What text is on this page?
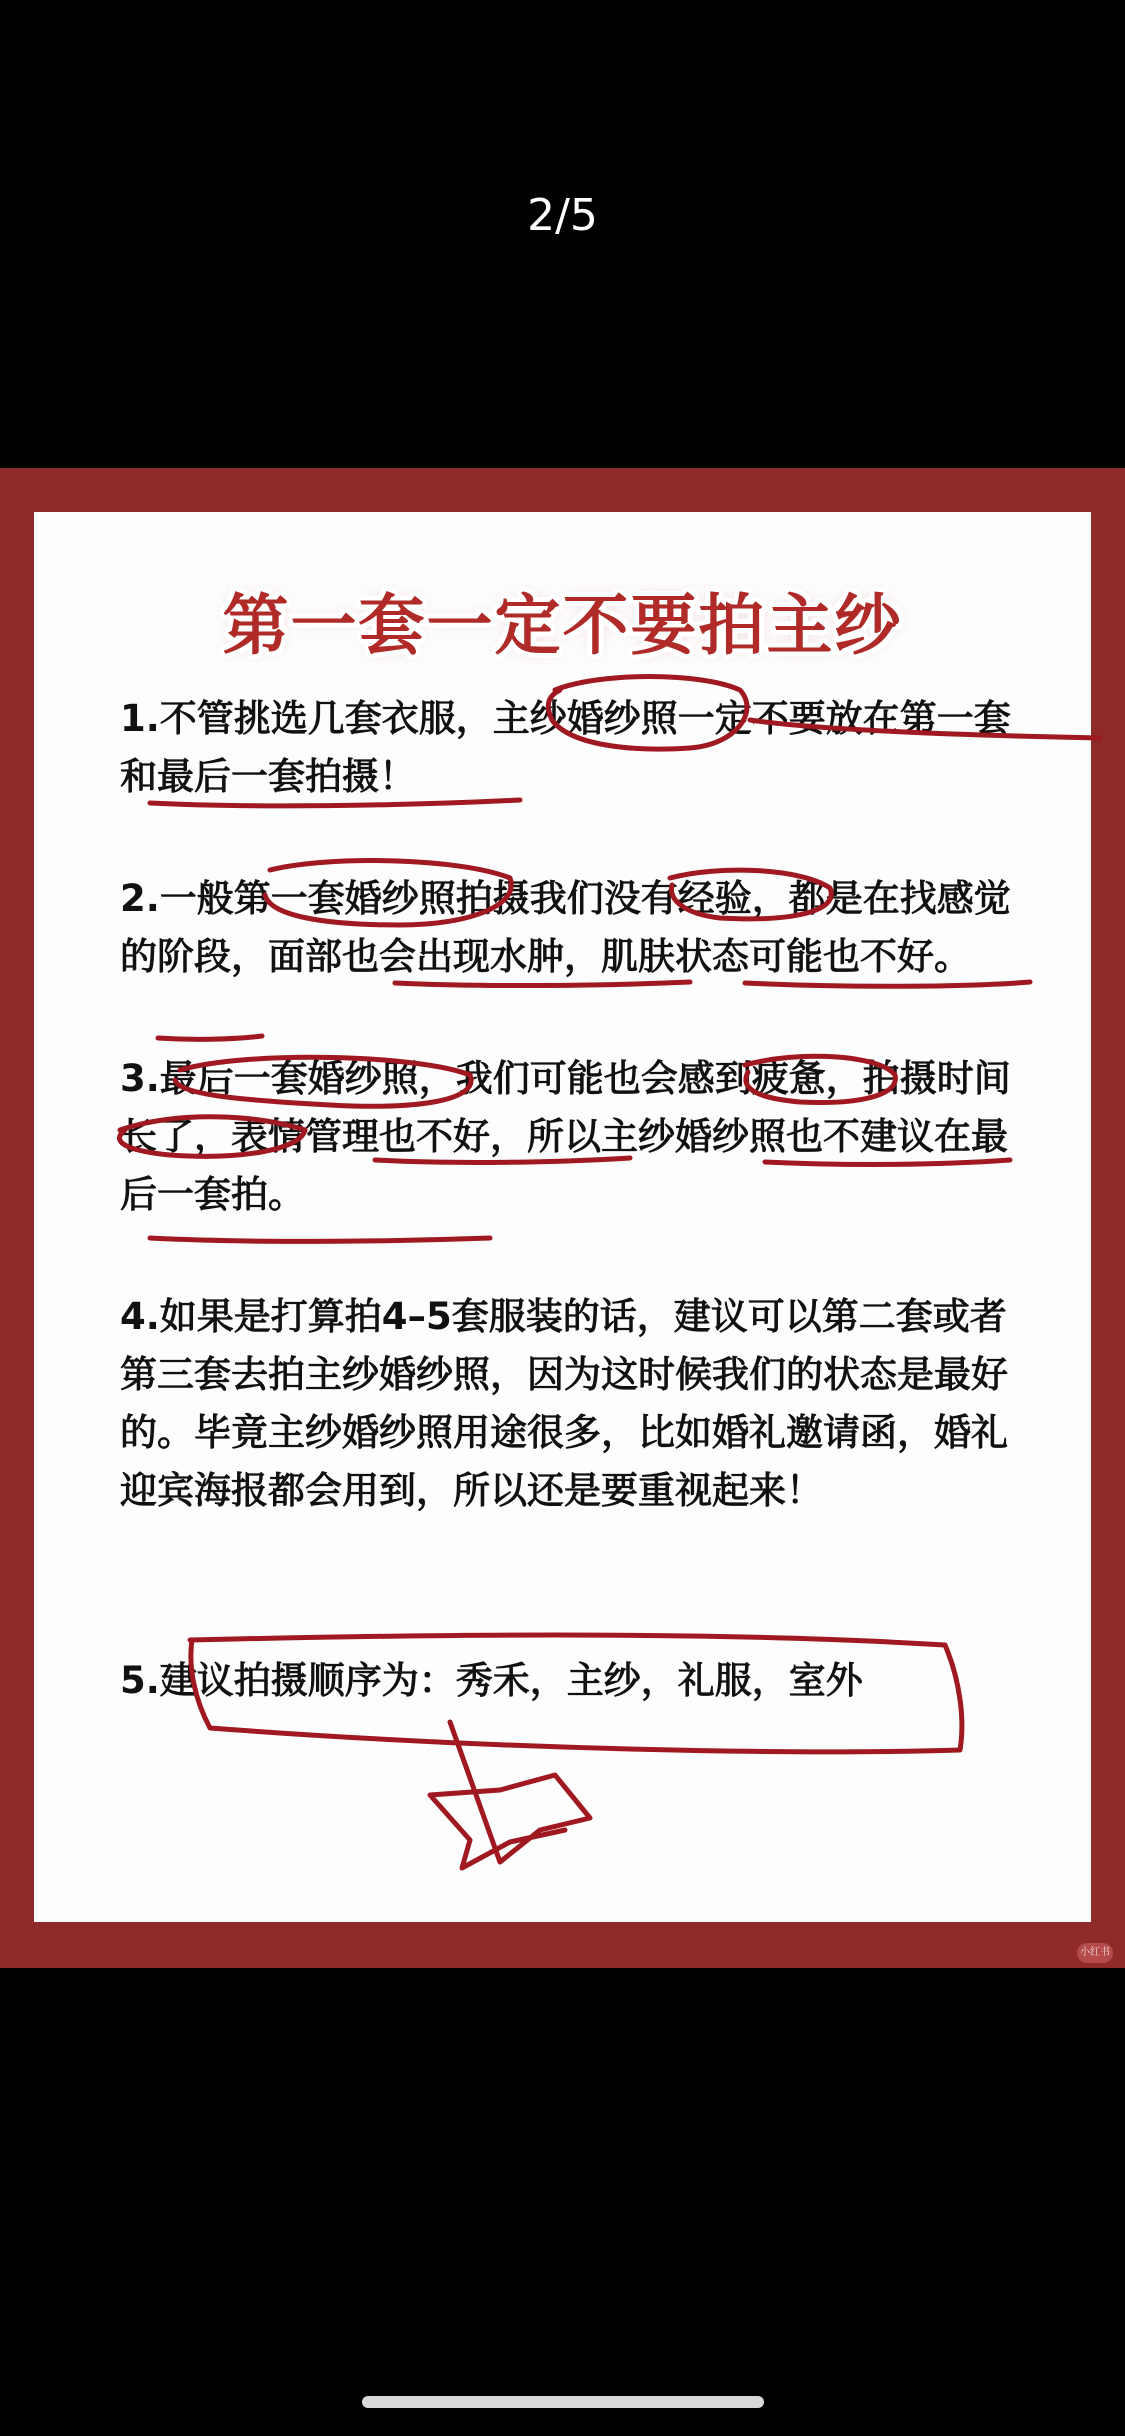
2/5
第一套一定不要拍主纱
小红书
1.不管挑选几套衣服，主纱婚纱照一定不要放在第一套和最后一套拍摄！
2.一般第一套婚纱照拍摄我们没有经验，都是在找感觉的阶段，面部也会出现水肿，肌肤状态可能也不好。
3.最后一套婚纱照，我们可能也会感到疲惫，拍摄时间长了，表情管理也不好，所以主纱婚纱照也不建议在最后一套拍。
4.如果是打算拍4–5套服装的话，建议可以第二套或者第三套去拍主纱婚纱照，因为这时候我们的状态是最好的。毕竟主纱婚纱照用途很多，比如婚礼邀请函，婚礼迎宾海报都会用到，所以还是要重视起来！
5.建议拍摄顺序为：秀禾，主纱，礼服，室外
